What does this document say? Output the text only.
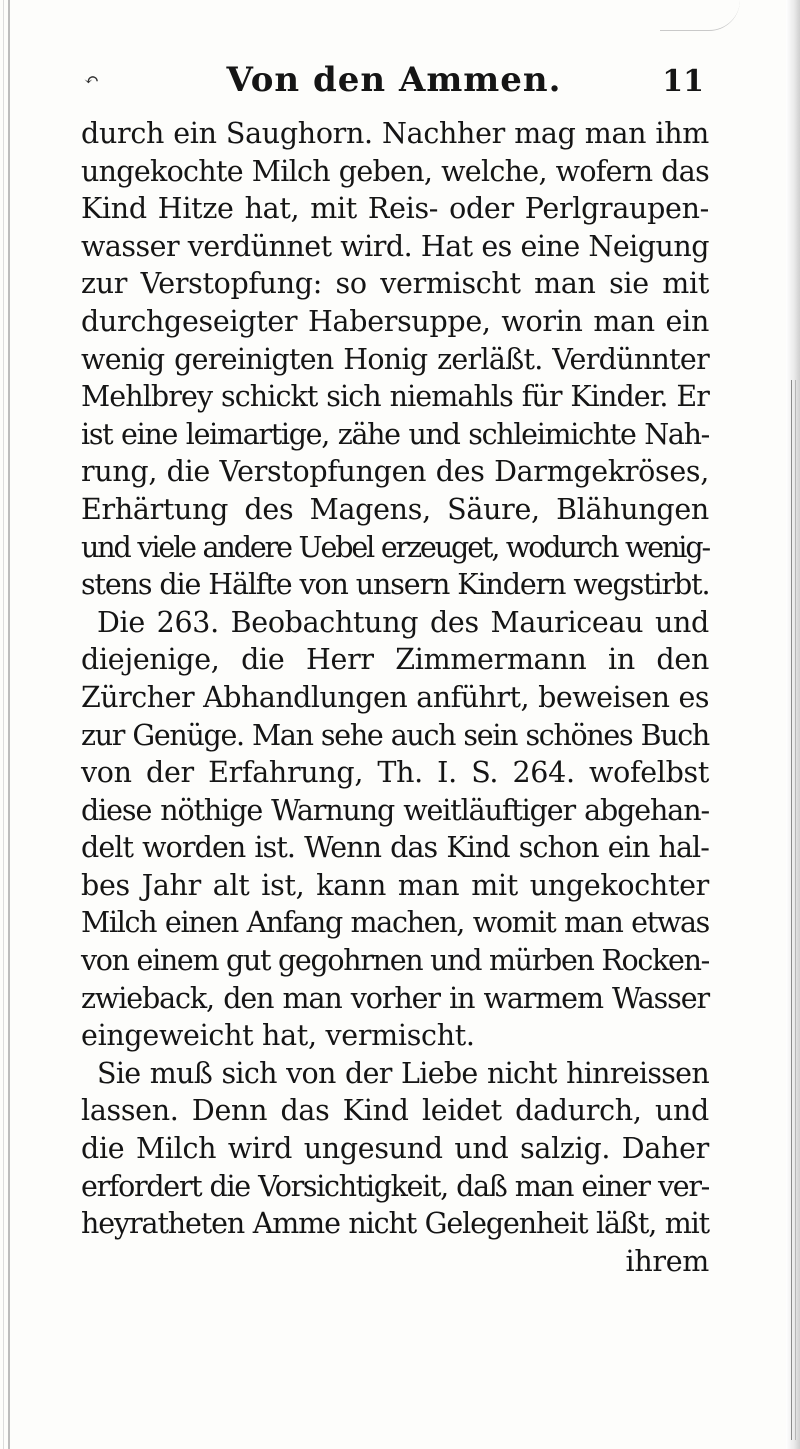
↶	Von den Ammen.	11
durch ein Saughorn. Nachher mag man ihm
ungekochte Milch geben, welche, wofern das
Kind Hitze hat, mit Reis- oder Perlgraupen-
wasser verdünnet wird. Hat es eine Neigung
zur Verstopfung: so vermischt man sie mit
durchgeseigter Habersuppe, worin man ein
wenig gereinigten Honig zerläßt. Verdünnter
Mehlbrey schickt sich niemahls für Kinder. Er
ist eine leimartige, zähe und schleimichte Nah-
rung, die Verstopfungen des Darmgekröses,
Erhärtung des Magens, Säure, Blähungen
und viele andere Uebel erzeuget, wodurch wenig-
stens die Hälfte von unsern Kindern wegstirbt.
Die 263. Beobachtung des Mauriceau und
diejenige, die Herr Zimmermann in den
Zürcher Abhandlungen anführt, beweisen es
zur Genüge. Man sehe auch sein schönes Buch
von der Erfahrung, Th. I. S. 264. wofelbst
diese nöthige Warnung weitläuftiger abgehan-
delt worden ist. Wenn das Kind schon ein hal-
bes Jahr alt ist, kann man mit ungekochter
Milch einen Anfang machen, womit man etwas
von einem gut gegohrnen und mürben Rocken-
zwieback, den man vorher in warmem Wasser
eingeweicht hat, vermischt.
Sie muß sich von der Liebe nicht hinreissen
lassen. Denn das Kind leidet dadurch, und
die Milch wird ungesund und salzig. Daher
erfordert die Vorsichtigkeit, daß man einer ver-
heyratheten Amme nicht Gelegenheit läßt, mit
ihrem
